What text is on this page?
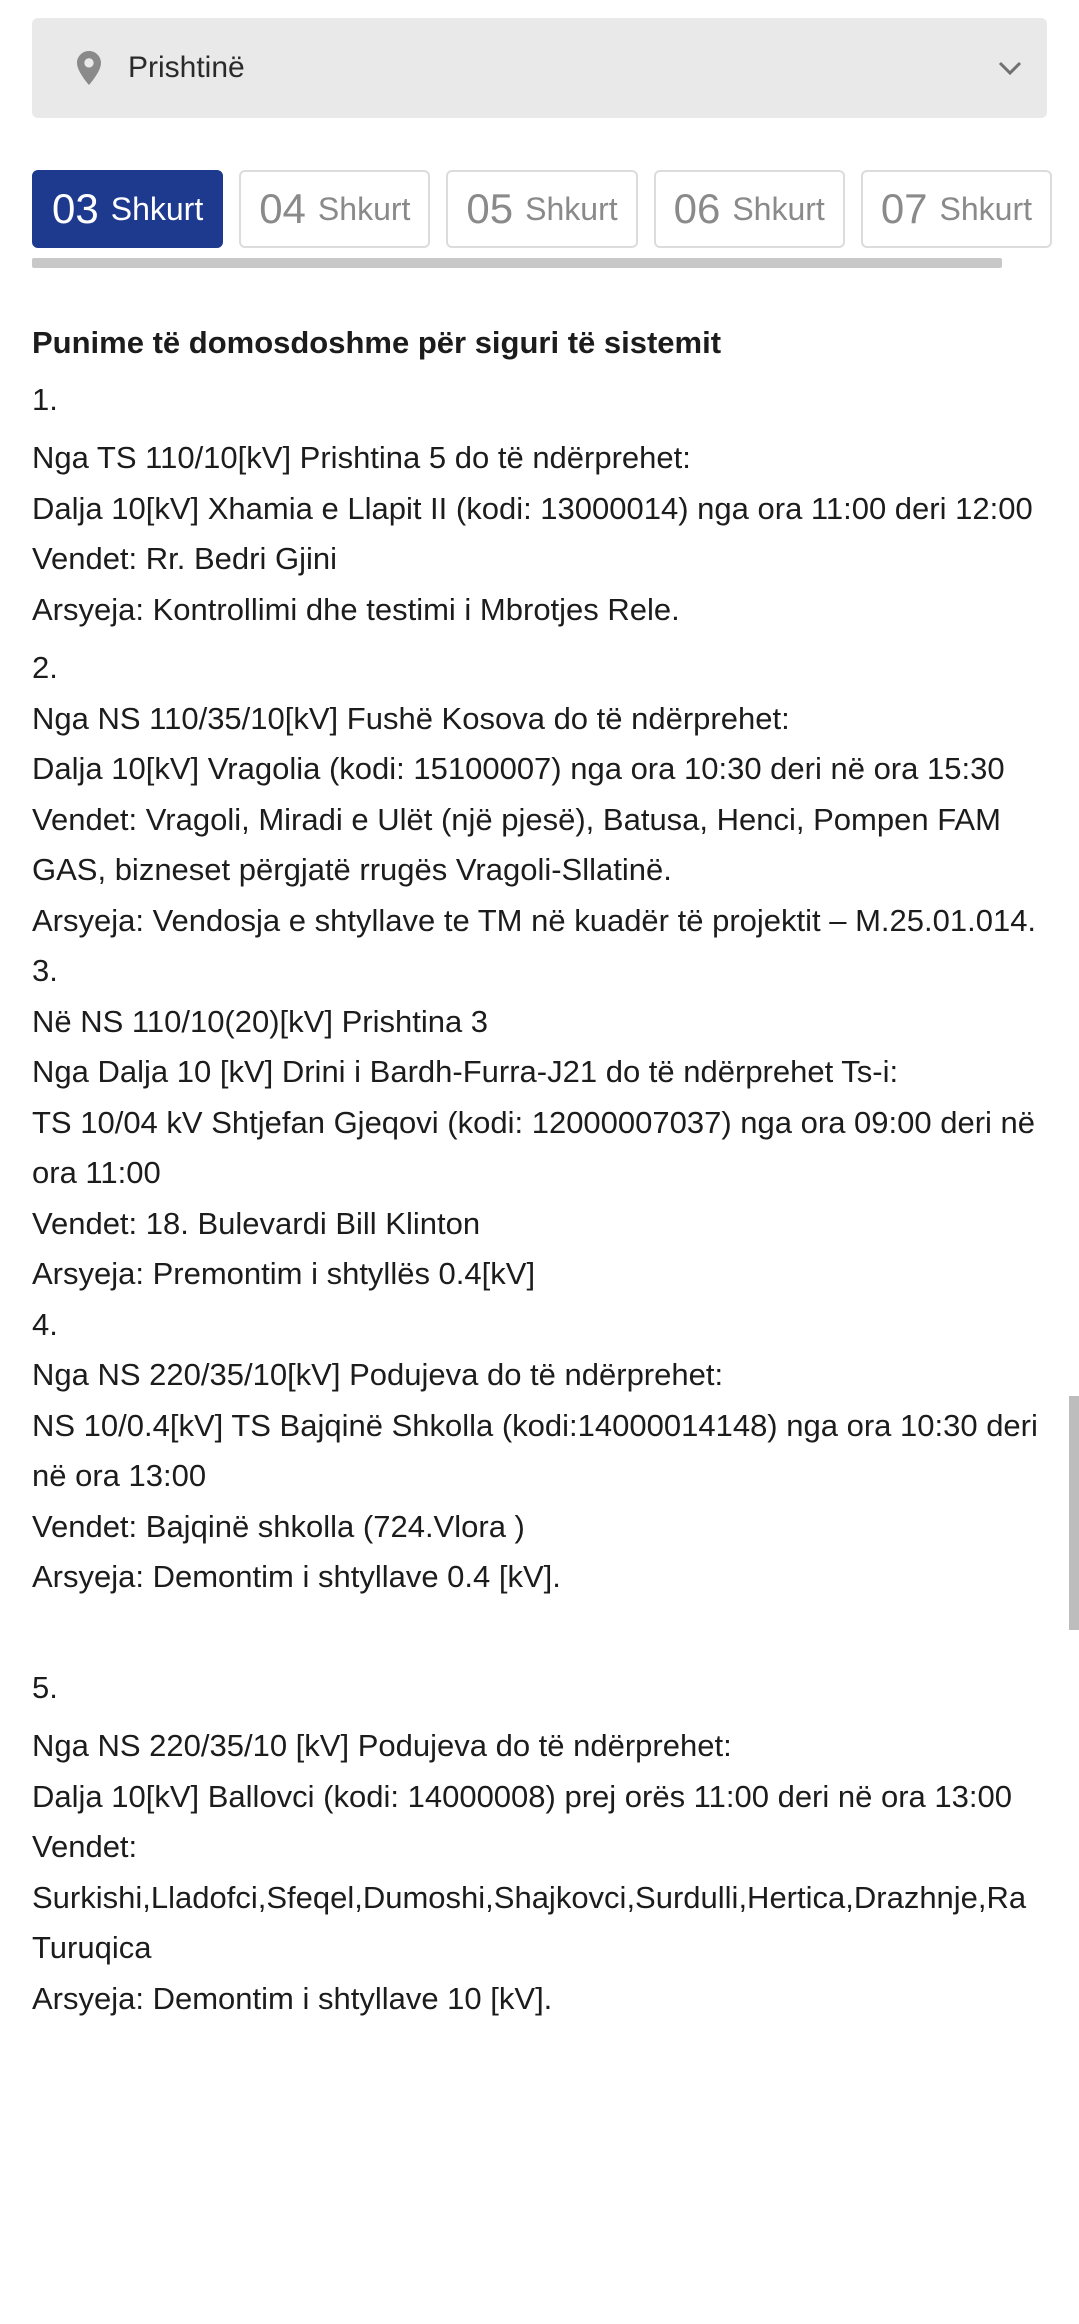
Prishtinë
03 Shkurt 04 Shkurt 05 Shkurt 06 Shkurt 07 Shkurt

Punime të domosdoshme për siguri të sistemit

1.

Nga TS 110/10[kV] Prishtina 5 do të ndërprehet:

Dalja 10[kV] Xhamia e Llapit II (kodi: 13000014) nga ora 11:00 deri 12:00

Vendet: Rr. Bedri Gjini

Arsyeja: Kontrollimi dhe testimi i Mbrotjes Rele.

2.

Nga NS 110/35/10[kV] Fushë Kosova do të ndërprehet:

Dalja 10[kV] Vragolia (kodi: 15100007) nga ora 10:30 deri në ora 15:30

Vendet: Vragoli, Miradi e Ulët (një pjesë), Batusa, Henci, Pompen FAM GAS, bizneset përgjatë rrugës Vragoli-Sllatinë.

Arsyeja: Vendosja e shtyllave te TM në kuadër të projektit – M.25.01.014.

3.

Në NS 110/10(20)[kV] Prishtina 3

Nga Dalja 10 [kV] Drini i Bardh-Furra-J21 do të ndërprehet Ts-i:

TS 10/04 kV Shtjefan Gjeqovi (kodi: 12000007037) nga ora 09:00 deri në ora 11:00

Vendet: 18. Bulevardi Bill Klinton

Arsyeja: Premontim i shtyllës 0.4[kV]

4.

Nga NS 220/35/10[kV] Podujeva do të ndërprehet:

NS 10/0.4[kV] TS Bajqinë Shkolla (kodi:14000014148) nga ora 10:30 deri në ora 13:00

Vendet: Bajqinë shkolla (724.Vlora )

Arsyeja: Demontim i shtyllave 0.4 [kV].

5.

Nga NS 220/35/10 [kV] Podujeva do të ndërprehet:

Dalja 10[kV] Ballovci (kodi: 14000008) prej orës 11:00 deri në ora 13:00

Vendet:

Surkishi,Lladofci,Sfeqel,Dumoshi,Shajkovci,Surdulli,Hertica,Drazhnje,Ra

Turuqica

Arsyeja: Demontim i shtyllave 10 [kV].
